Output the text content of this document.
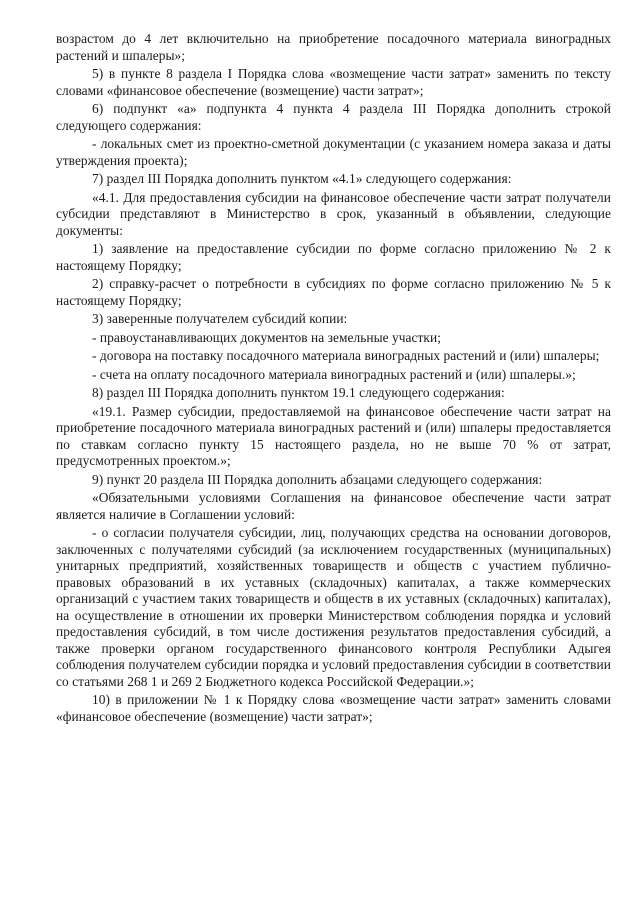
возрастом до 4 лет включительно на приобретение посадочного материала виноградных растений и шпалеры»;

5) в пункте 8 раздела I Порядка слова «возмещение части затрат» заменить по тексту словами «финансовое обеспечение (возмещение) части затрат»;

6) подпункт «а» подпункта 4 пункта 4 раздела III Порядка дополнить строкой следующего содержания:

- локальных смет из проектно-сметной документации (с указанием номера заказа и даты утверждения проекта);

7) раздел III Порядка дополнить пунктом «4.1» следующего содержания:

«4.1. Для предоставления субсидии на финансовое обеспечение части затрат получатели субсидии представляют в Министерство в срок, указанный в объявлении, следующие документы:

1) заявление на предоставление субсидии по форме согласно приложению № 2 к настоящему Порядку;

2) справку-расчет о потребности в субсидиях по форме согласно приложению № 5 к настоящему Порядку;

3) заверенные получателем субсидий копии:

- правоустанавливающих документов на земельные участки;

- договора на поставку посадочного материала виноградных растений и (или) шпалеры;

- счета на оплату посадочного материала виноградных растений и (или) шпалеры.»;

8) раздел III Порядка дополнить пунктом 19.1 следующего содержания:

«19.1. Размер субсидии, предоставляемой на финансовое обеспечение части затрат на приобретение посадочного материала виноградных растений и (или) шпалеры предоставляется по ставкам согласно пункту 15 настоящего раздела, но не выше 70 % от затрат, предусмотренных проектом.»;

9) пункт 20 раздела III Порядка дополнить абзацами следующего содержания:

«Обязательными условиями Соглашения на финансовое обеспечение части затрат является наличие в Соглашении условий:

- о согласии получателя субсидии, лиц, получающих средства на основании договоров, заключенных с получателями субсидий (за исключением государственных (муниципальных) унитарных предприятий, хозяйственных товариществ и обществ с участием публично-правовых образований в их уставных (складочных) капиталах, а также коммерческих организаций с участием таких товариществ и обществ в их уставных (складочных) капиталах), на осуществление в отношении их проверки Министерством соблюдения порядка и условий предоставления субсидий, в том числе достижения результатов предоставления субсидий, а также проверки органом государственного финансового контроля Республики Адыгея соблюдения получателем субсидии порядка и условий предоставления субсидии в соответствии со статьями 268 1 и 269 2 Бюджетного кодекса Российской Федерации.»;

10) в приложении № 1 к Порядку слова «возмещение части затрат» заменить словами «финансовое обеспечение (возмещение) части затрат»;
